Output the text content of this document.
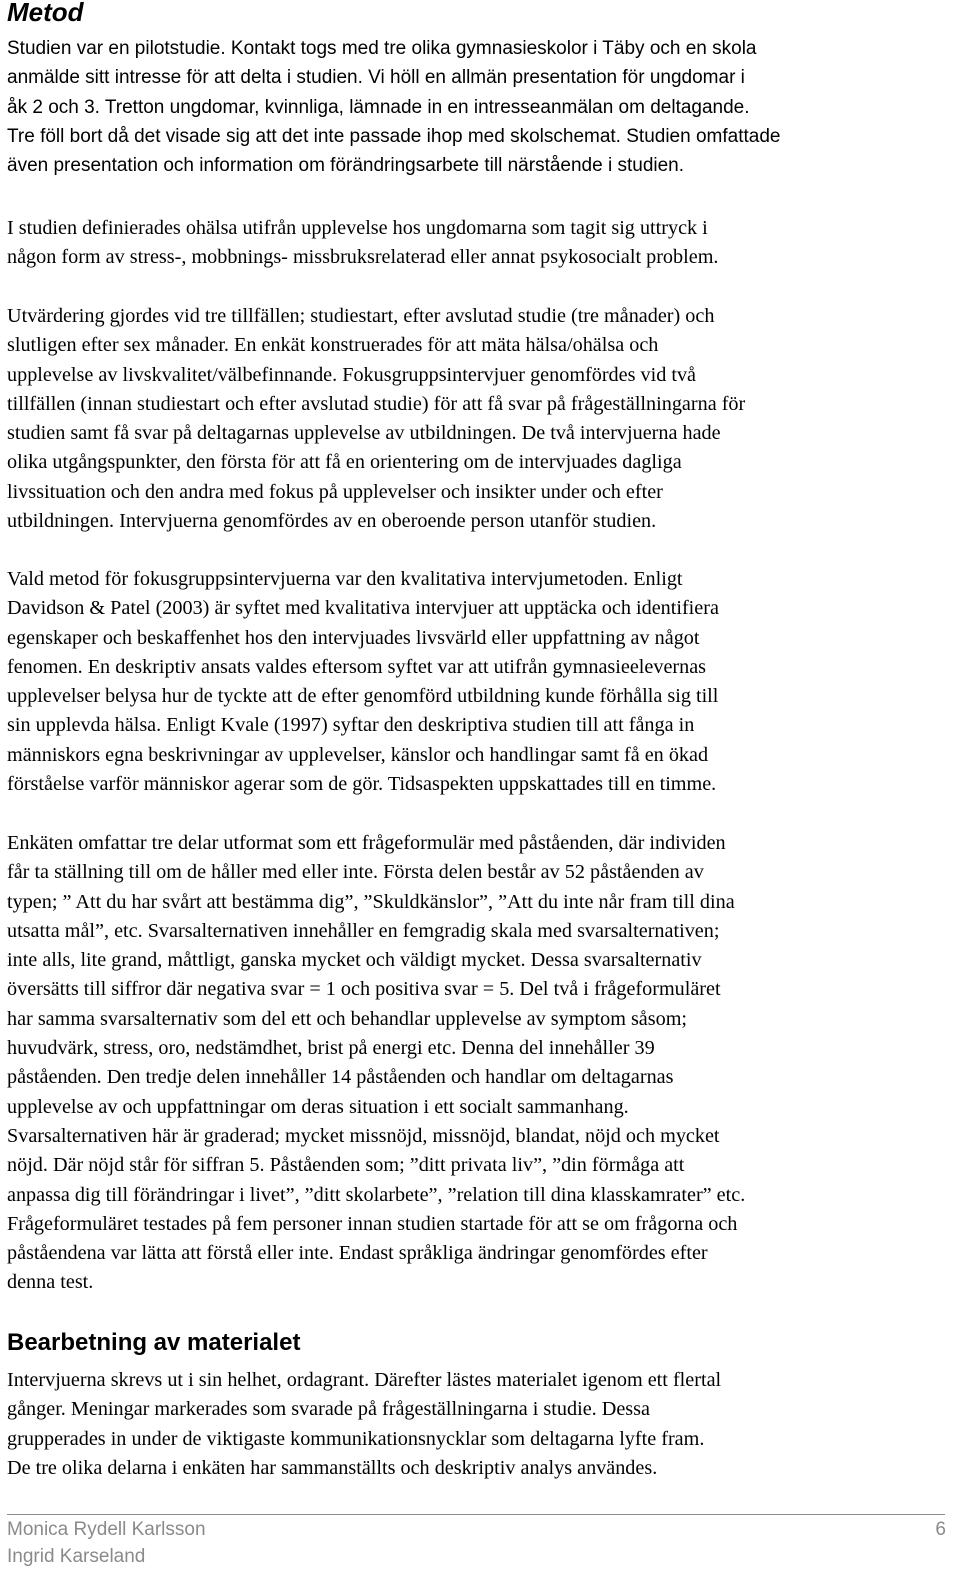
Metod
Studien var en pilotstudie. Kontakt togs med tre olika gymnasieskolor i Täby och en skola
anmälde sitt intresse för att delta i studien. Vi höll en allmän presentation för ungdomar i
åk 2 och 3. Tretton ungdomar, kvinnliga, lämnade in en intresseanmälan om deltagande.
Tre föll bort då det visade sig att det inte passade ihop med skolschemat. Studien omfattade
även presentation och information om förändringsarbete till närstående i studien.
I studien definierades ohälsa utifrån upplevelse hos ungdomarna som tagit sig uttryck i
någon form av stress-, mobbnings- missbruksrelaterad eller annat psykosocialt problem.
Utvärdering gjordes vid tre tillfällen; studiestart, efter avslutad studie (tre månader) och
slutligen efter sex månader. En enkät konstruerades för att mäta hälsa/ohälsa och
upplevelse av livskvalitet/välbefinnande. Fokusgruppsintervjuer genomfördes vid två
tillfällen (innan studiestart och efter avslutad studie) för att få svar på frågeställningarna för
studien samt få svar på deltagarnas upplevelse av utbildningen. De två intervjuerna hade
olika utgångspunkter, den första för att få en orientering om de intervjuades dagliga
livssituation och den andra med fokus på upplevelser och insikter under och efter
utbildningen. Intervjuerna genomfördes av en oberoende person utanför studien.
Vald metod för fokusgruppsintervjuerna var den kvalitativa intervjumetoden. Enligt
Davidson & Patel (2003) är syftet med kvalitativa intervjuer att upptäcka och identifiera
egenskaper och beskaffenhet hos den intervjuades livsvärld eller uppfattning av något
fenomen. En deskriptiv ansats valdes eftersom syftet var att utifrån gymnasieelevernas
upplevelser belysa hur de tyckte att de efter genomförd utbildning kunde förhålla sig till
sin upplevda hälsa. Enligt Kvale (1997) syftar den deskriptiva studien till att fånga in
människors egna beskrivningar av upplevelser, känslor och handlingar samt få en ökad
förståelse varför människor agerar som de gör. Tidsaspekten uppskattades till en timme.
Enkäten omfattar tre delar utformat som ett frågeformulär med påståenden, där individen
får ta ställning till om de håller med eller inte. Första delen består av 52 påståenden av
typen; ” Att du har svårt att bestämma dig”, ”Skuldkänslor”, ”Att du inte når fram till dina
utsatta mål”, etc. Svarsalternativen innehåller en femgradig skala med svarsalternativen;
inte alls, lite grand, måttligt, ganska mycket och väldigt mycket. Dessa svarsalternativ
översätts till siffror där negativa svar = 1 och positiva svar = 5. Del två i frågeformuläret
har samma svarsalternativ som del ett och behandlar upplevelse av symptom såsom;
huvudvärk, stress, oro, nedstämdhet, brist på energi etc. Denna del innehåller 39
påståenden. Den tredje delen innehåller 14 påståenden och handlar om deltagarnas
upplevelse av och uppfattningar om deras situation i ett socialt sammanhang.
Svarsalternativen här är graderad; mycket missnöjd, missnöjd, blandat, nöjd och mycket
nöjd. Där nöjd står för siffran 5. Påståenden som; ”ditt privata liv”, ”din förmåga att
anpassa dig till förändringar i livet”, ”ditt skolarbete”, ”relation till dina klasskamrater” etc.
Frågeformuläret testades på fem personer innan studien startade för att se om frågorna och
påståendena var lätta att förstå eller inte. Endast språkliga ändringar genomfördes efter
denna test.
Bearbetning av materialet
Intervjuerna skrevs ut i sin helhet, ordagrant. Därefter lästes materialet igenom ett flertal
gånger. Meningar markerades som svarade på frågeställningarna i studie. Dessa
grupperades in under de viktigaste kommunikationsnycklar som deltagarna lyfte fram.
De tre olika delarna i enkäten har sammanställts och deskriptiv analys användes.
Monica Rydell Karlsson
Ingrid Karseland
6
